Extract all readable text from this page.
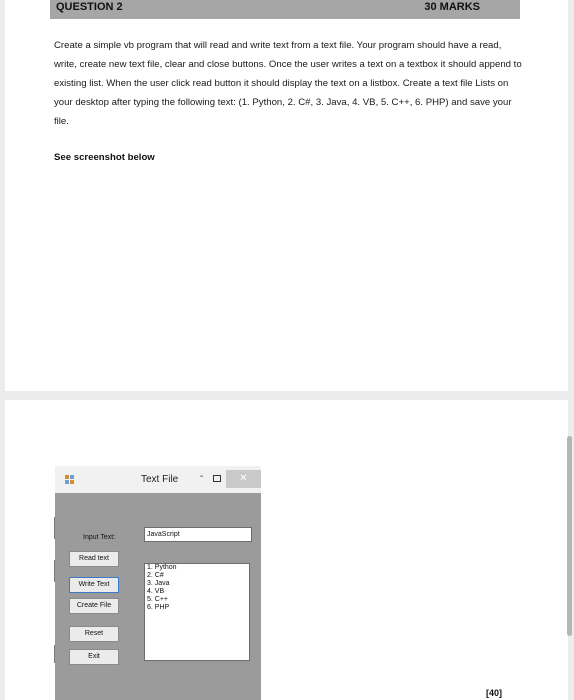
QUESTION 2	30 MARKS
Create a simple vb program that will read and write text from a text file. Your program should have a read, write, create new text file, clear and close buttons. Once the user writes a text on a textbox it should append to existing list. When the user click read button it should display the text on a listbox. Create a text file Lists on your desktop after typing the following text: (1. Python, 2. C#, 3. Java, 4. VB, 5. C++, 6. PHP) and save your file.
See screenshot below
Text File -	✕
Input Text:	JavaScript
Read text
Write Text
Create File
Reset
Exit
1. Python
2. C#
3. Java
4. VB
5. C++
6. PHP
[40]
